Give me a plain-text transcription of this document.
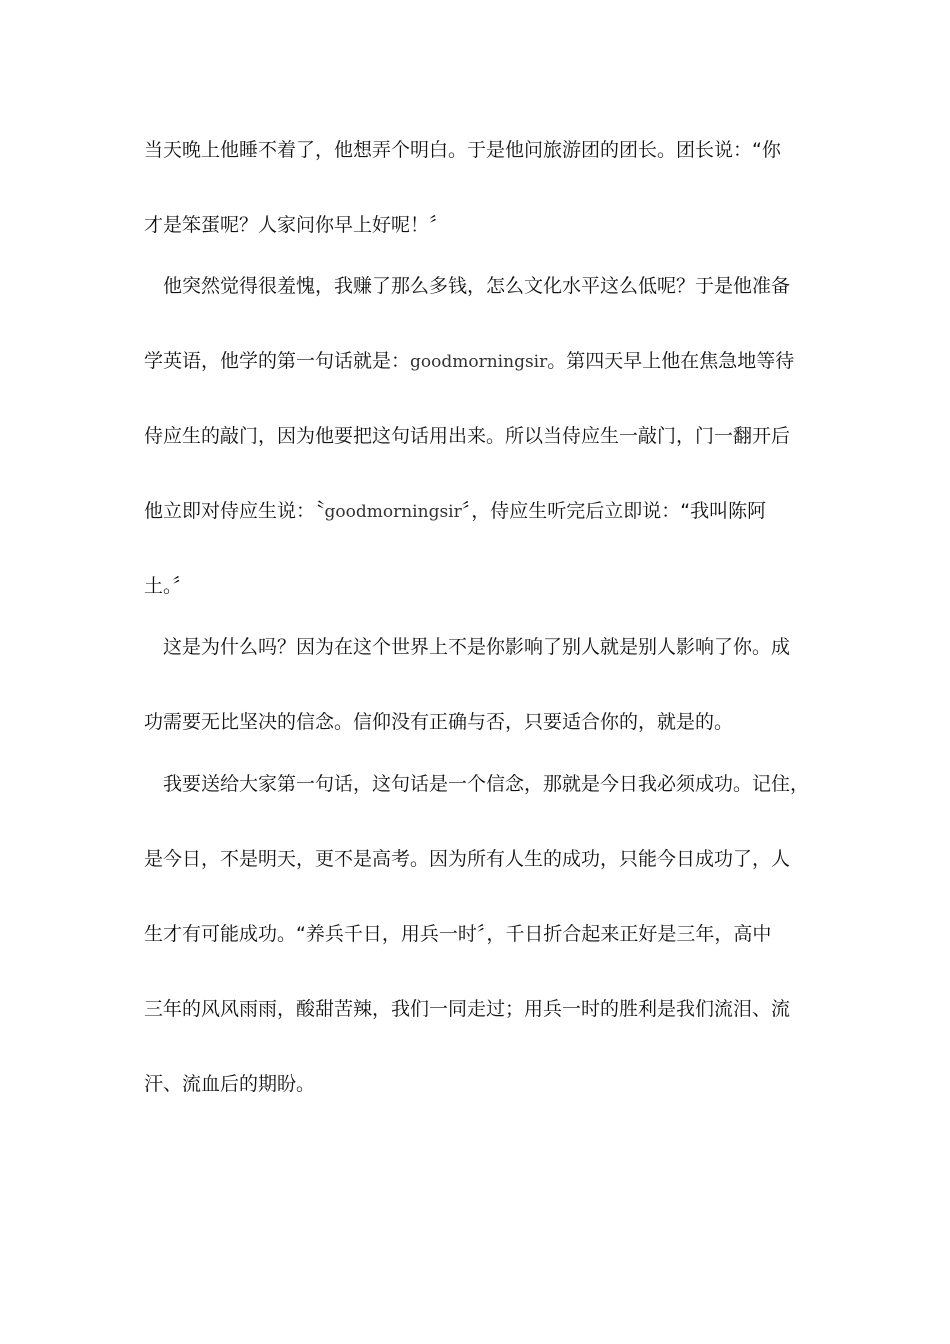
当天晚上他睡不着了，他想弄个明白。于是他问旅游团的团长。团长说：“你
才是笨蛋呢？人家问你早上好呢！〞
他突然觉得很羞愧，我赚了那么多钱，怎么文化水平这么低呢？于是他准备
学英语，他学的第一句话就是：goodmorningsir。第四天早上他在焦急地等待
侍应生的敲门，因为他要把这句话用出来。所以当侍应生一敲门，门一翻开后
他立即对侍应生说：〝goodmorningsir〞，侍应生听完后立即说：“我叫陈阿
土。〞
这是为什么吗？因为在这个世界上不是你影响了别人就是别人影响了你。成
功需要无比坚决的信念。信仰没有正确与否，只要适合你的，就是的。
我要送给大家第一句话，这句话是一个信念，那就是今日我必须成功。记住，
是今日，不是明天，更不是高考。因为所有人生的成功，只能今日成功了，人
生才有可能成功。“养兵千日，用兵一时〞，千日折合起来正好是三年，高中
三年的风风雨雨，酸甜苦辣，我们一同走过；用兵一时的胜利是我们流泪、流
汗、流血后的期盼。
